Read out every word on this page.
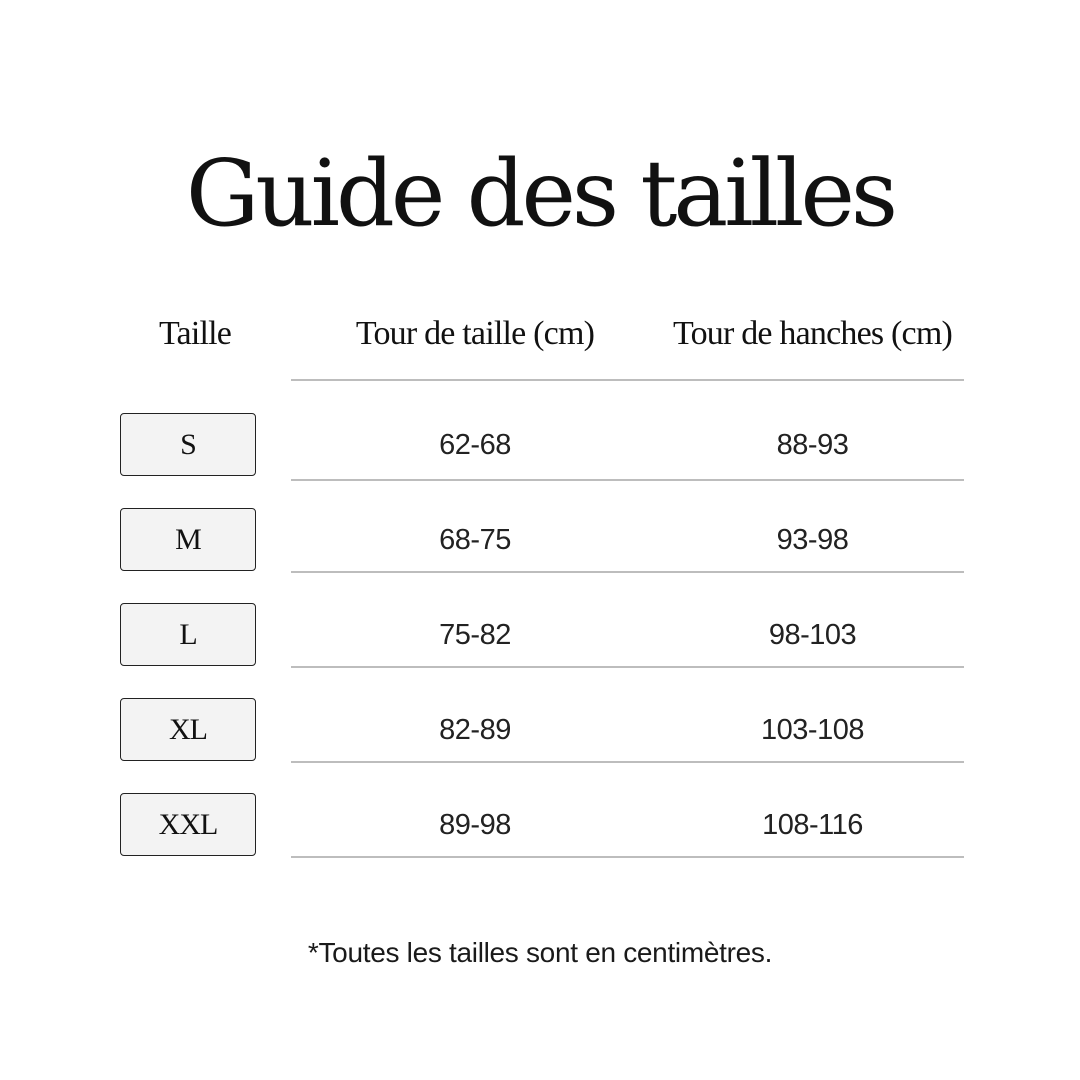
Guide des tailles
Taille	Tour de taille (cm)	Tour de hanches (cm)
S	62-68	88-93
M	68-75	93-98
L	75-82	98-103
XL	82-89	103-108
XXL	89-98	108-116
*Toutes les tailles sont en centimètres.
